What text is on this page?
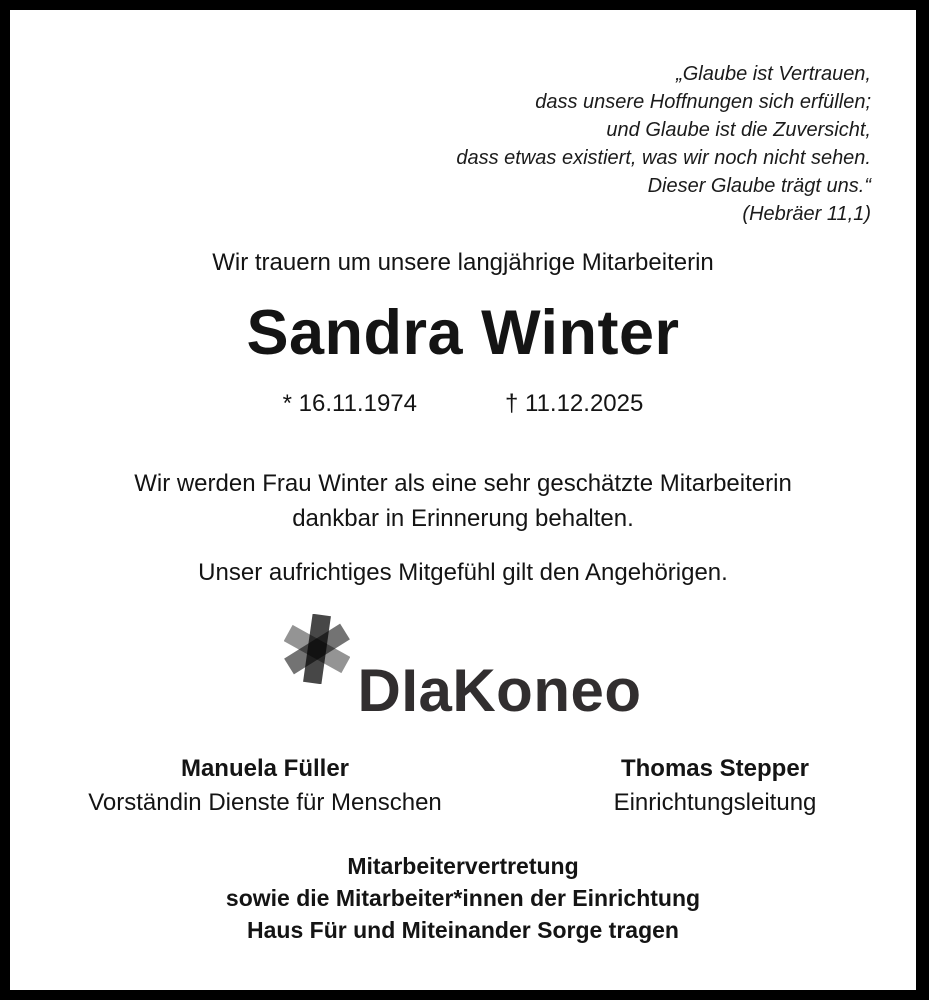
„Glaube ist Vertrauen,
dass unsere Hoffnungen sich erfüllen;
und Glaube ist die Zuversicht,
dass etwas existiert, was wir noch nicht sehen.
Dieser Glaube trägt uns.“
(Hebräer 11,1)
Wir trauern um unsere langjährige Mitarbeiterin
Sandra Winter
* 16.11.1974	† 11.12.2025
Wir werden Frau Winter als eine sehr geschätzte Mitarbeiterin
dankbar in Erinnerung behalten.
Unser aufrichtiges Mitgefühl gilt den Angehörigen.
DIaKoneo
Manuela Füller
Vorständin Dienste für Menschen
Thomas Stepper
Einrichtungsleitung
Mitarbeitervertretung
sowie die Mitarbeiter*innen der Einrichtung
Haus Für und Miteinander Sorge tragen
